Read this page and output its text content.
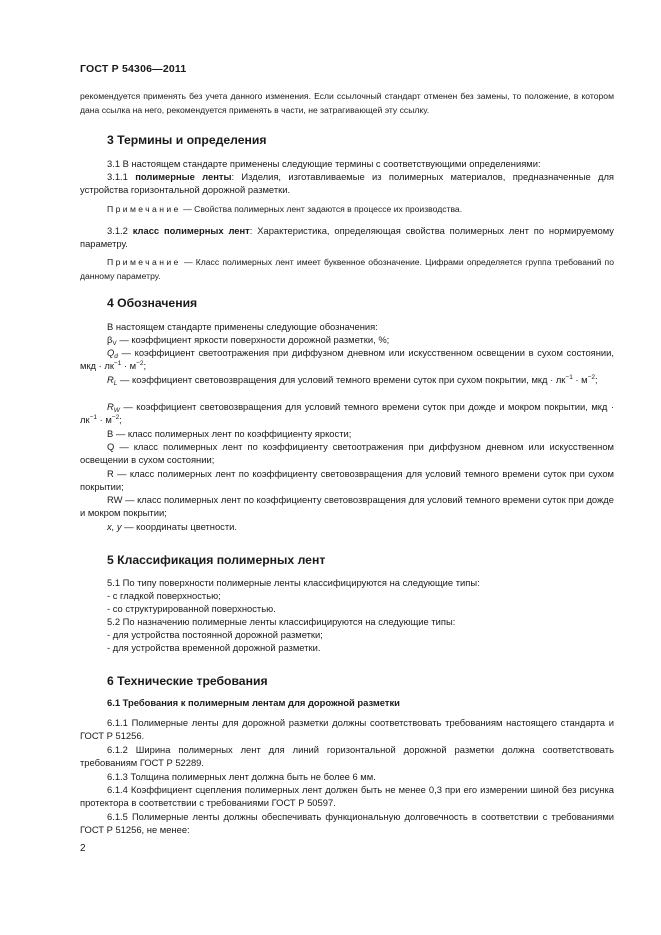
ГОСТ Р 54306—2011
рекомендуется применять без учета данного изменения. Если ссылочный стандарт отменен без замены, то положение, в котором дана ссылка на него, рекомендуется применять в части, не затрагивающей эту ссылку.
3 Термины и определения
3.1 В настоящем стандарте применены следующие термины с соответствующими определениями:
3.1.1 полимерные ленты: Изделия, изготавливаемые из полимерных материалов, предназначенные для устройства горизонтальной дорожной разметки.
Примечание — Свойства полимерных лент задаются в процессе их производства.
3.1.2 класс полимерных лент: Характеристика, определяющая свойства полимерных лент по нормируемому параметру.
Примечание — Класс полимерных лент имеет буквенное обозначение. Цифрами определяется группа требований по данному параметру.
4 Обозначения
В настоящем стандарте применены следующие обозначения:
$\beta_V$ — коэффициент яркости поверхности дорожной разметки, %;
$Q_d$ — коэффициент светоотражения при диффузном дневном или искусственном освещении в сухом состоянии, мкд · $лк^{-1} \cdot м^{-2}$;
$R_L$ — коэффициент световозвращения для условий темного времени суток при сухом покрытии, мкд · $лк^{-1} \cdot м^{-2}$;
$R_W$ — коэффициент световозвращения для условий темного времени суток при дожде и мокром покрытии, мкд · $лк^{-1} \cdot м^{-2}$;
B — класс полимерных лент по коэффициенту яркости;
Q — класс полимерных лент по коэффициенту светоотражения при диффузном дневном или искусственном освещении в сухом состоянии;
R — класс полимерных лент по коэффициенту световозвращения для условий темного времени суток при сухом покрытии;
RW — класс полимерных лент по коэффициенту световозвращения для условий темного времени суток при дожде и мокром покрытии;
x, y — координаты цветности.
5 Классификация полимерных лент
5.1 По типу поверхности полимерные ленты классифицируются на следующие типы:
- с гладкой поверхностью;
- со структурированной поверхностью.
5.2 По назначению полимерные ленты классифицируются на следующие типы:
- для устройства постоянной дорожной разметки;
- для устройства временной дорожной разметки.
6 Технические требования
6.1 Требования к полимерным лентам для дорожной разметки
6.1.1 Полимерные ленты для дорожной разметки должны соответствовать требованиям настоящего стандарта и ГОСТ Р 51256.
6.1.2 Ширина полимерных лент для линий горизонтальной дорожной разметки должна соответствовать требованиям ГОСТ Р 52289.
6.1.3 Толщина полимерных лент должна быть не более 6 мм.
6.1.4 Коэффициент сцепления полимерных лент должен быть не менее 0,3 при его измерении шиной без рисунка протектора в соответствии с требованиями ГОСТ Р 50597.
6.1.5 Полимерные ленты должны обеспечивать функциональную долговечность в соответствии с требованиями ГОСТ Р 51256, не менее:
2
